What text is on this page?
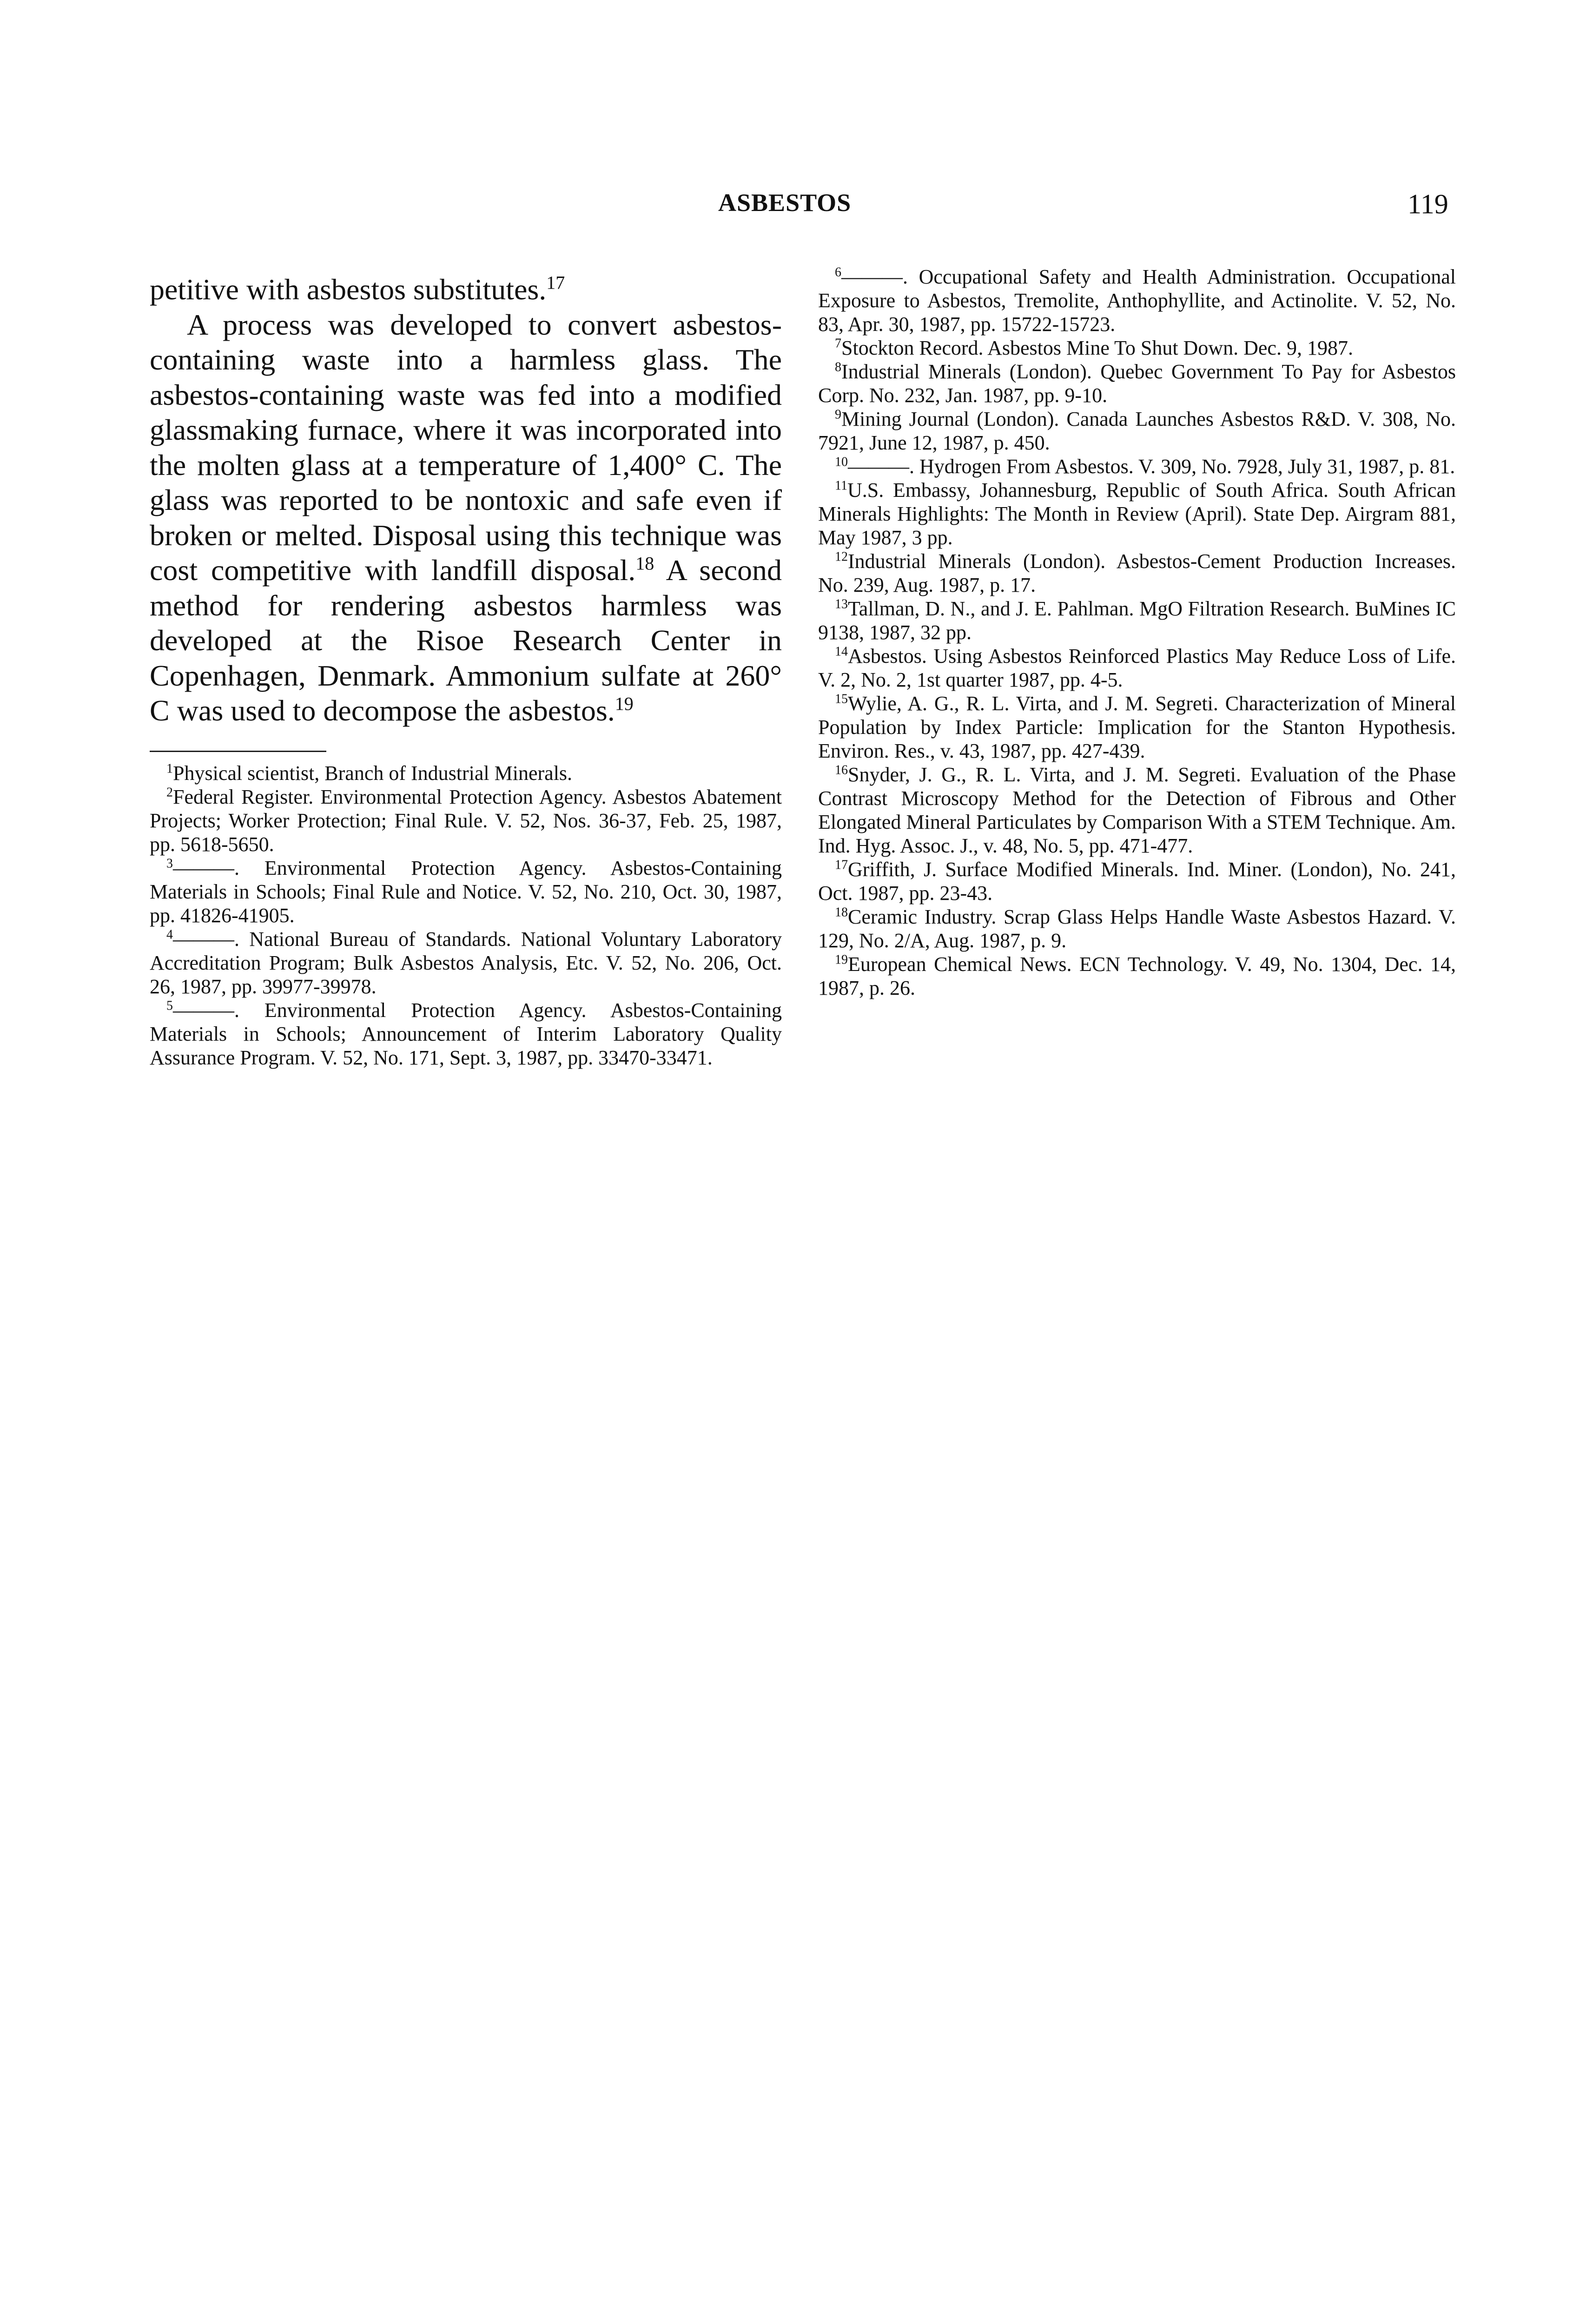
ASBESTOS	119

petitive with asbestos substitutes.$^{17}$

A process was developed to convert asbestos-containing waste into a harmless glass. The asbestos-containing waste was fed into a modified glassmaking furnace, where it was incorporated into the molten glass at a temperature of 1,400° C. The glass was reported to be nontoxic and safe even if broken or melted. Disposal using this technique was cost competitive with landfill disposal.$^{18}$ A second method for rendering asbestos harmless was developed at the Risoe Research Center in Copenhagen, Denmark. Ammonium sulfate at 260° C was used to decompose the asbestos.$^{19}$

$^1$Physical scientist, Branch of Industrial Minerals.

$^2$Federal Register. Environmental Protection Agency. Asbestos Abatement Projects; Worker Protection; Final Rule. V. 52, Nos. 36-37, Feb. 25, 1987, pp. 5618-5650.

$^3$———. Environmental Protection Agency. Asbestos-Containing Materials in Schools; Final Rule and Notice. V. 52, No. 210, Oct. 30, 1987, pp. 41826-41905.

$^4$———. National Bureau of Standards. National Voluntary Laboratory Accreditation Program; Bulk Asbestos Analysis, Etc. V. 52, No. 206, Oct. 26, 1987, pp. 39977-39978.

$^5$———. Environmental Protection Agency. Asbestos-Containing Materials in Schools; Announcement of Interim Laboratory Quality Assurance Program. V. 52, No. 171, Sept. 3, 1987, pp. 33470-33471.

$^6$———. Occupational Safety and Health Administration. Occupational Exposure to Asbestos, Tremolite, Anthophyllite, and Actinolite. V. 52, No. 83, Apr. 30, 1987, pp. 15722-15723.

$^7$Stockton Record. Asbestos Mine To Shut Down. Dec. 9, 1987.

$^8$Industrial Minerals (London). Quebec Government To Pay for Asbestos Corp. No. 232, Jan. 1987, pp. 9-10.

$^9$Mining Journal (London). Canada Launches Asbestos R&D. V. 308, No. 7921, June 12, 1987, p. 450.

$^{10}$———. Hydrogen From Asbestos. V. 309, No. 7928, July 31, 1987, p. 81.

$^{11}$U.S. Embassy, Johannesburg, Republic of South Africa. South African Minerals Highlights: The Month in Review (April). State Dep. Airgram 881, May 1987, 3 pp.

$^{12}$Industrial Minerals (London). Asbestos-Cement Production Increases. No. 239, Aug. 1987, p. 17.

$^{13}$Tallman, D. N., and J. E. Pahlman. MgO Filtration Research. BuMines IC 9138, 1987, 32 pp.

$^{14}$Asbestos. Using Asbestos Reinforced Plastics May Reduce Loss of Life. V. 2, No. 2, 1st quarter 1987, pp. 4-5.

$^{15}$Wylie, A. G., R. L. Virta, and J. M. Segreti. Characterization of Mineral Population by Index Particle: Implication for the Stanton Hypothesis. Environ. Res., v. 43, 1987, pp. 427-439.

$^{16}$Snyder, J. G., R. L. Virta, and J. M. Segreti. Evaluation of the Phase Contrast Microscopy Method for the Detection of Fibrous and Other Elongated Mineral Particulates by Comparison With a STEM Technique. Am. Ind. Hyg. Assoc. J., v. 48, No. 5, pp. 471-477.

$^{17}$Griffith, J. Surface Modified Minerals. Ind. Miner. (London), No. 241, Oct. 1987, pp. 23-43.

$^{18}$Ceramic Industry. Scrap Glass Helps Handle Waste Asbestos Hazard. V. 129, No. 2/A, Aug. 1987, p. 9.

$^{19}$European Chemical News. ECN Technology. V. 49, No. 1304, Dec. 14, 1987, p. 26.
